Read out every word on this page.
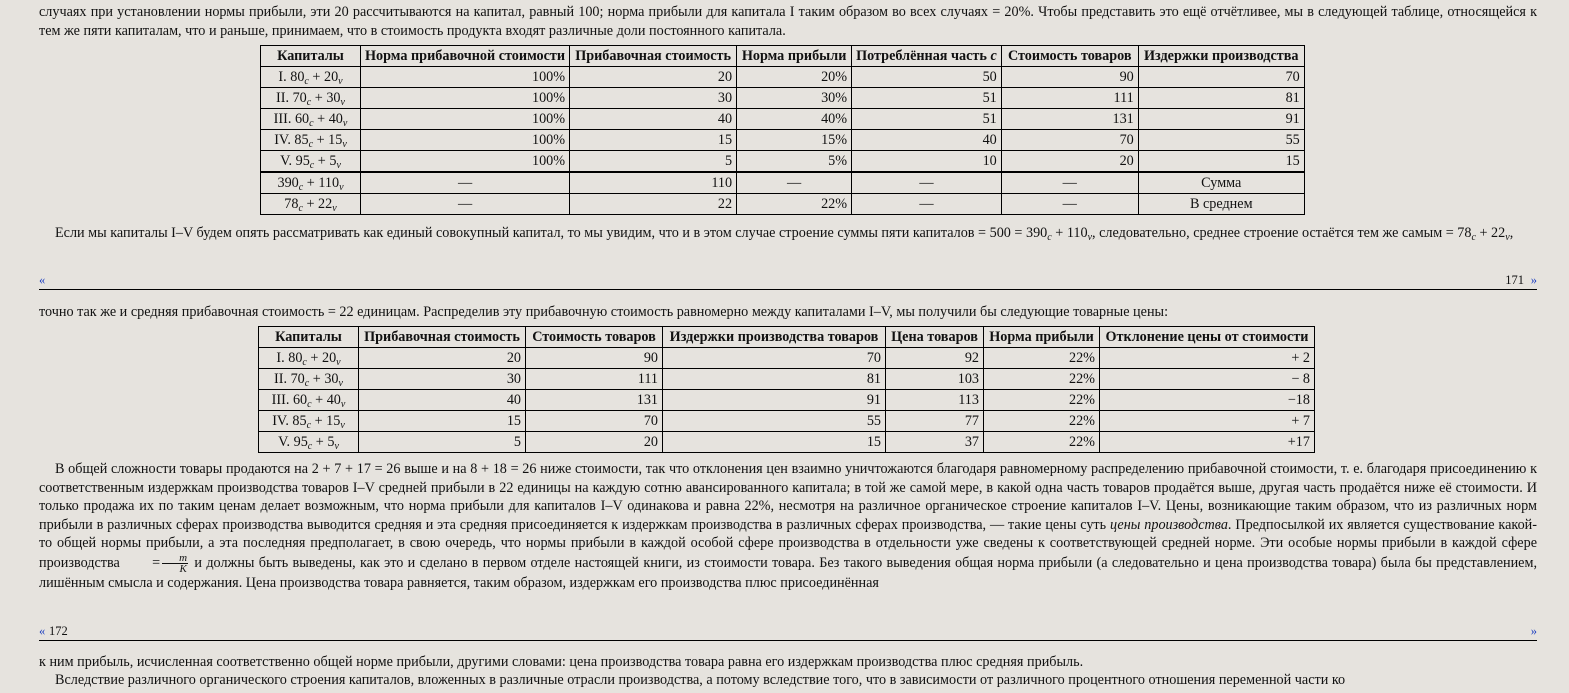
случаях при установлении нормы прибыли, эти 20 рассчитываются на капитал, равный 100; норма прибыли для капитала I таким образом во всех случаях = 20%. Чтобы представить это ещё отчётливее, мы в следующей таблице, относящейся к тем же пяти капиталам, что и раньше, принимаем, что в стоимость продукта входят различные доли постоянного капитала.

Капиталы	Норма прибавочной стоимости	Прибавочная стоимость	Норма прибыли	Потреблённая часть c	Стоимость товаров	Издержки производства
I. $80_c + 20_v$	100%	20	20%	50	90	70
II. $70_c + 30_v$	100%	30	30%	51	111	81
III. $60_c + 40_v$	100%	40	40%	51	131	91
IV. $85_c + 15_v$	100%	15	15%	40	70	55
V. $95_c + 5_v$	100%	5	5%	10	20	15
$390_c + 110_v$	—	110	—	—	—	Сумма
$78_c + 22_v$	—	22	22%	—	—	В среднем

Если мы капиталы I–V будем опять рассматривать как единый совокупный капитал, то мы увидим, что и в этом случае строение суммы пяти капиталов = $500 = 390_c + 110_v$, следовательно, среднее строение остаётся тем же самым = $78_c + 22_v$,

«	171 »

точно так же и средняя прибавочная стоимость = 22 единицам. Распределив эту прибавочную стоимость равномерно между капиталами I–V, мы получили бы следующие товарные цены:

Капиталы	Прибавочная стоимость	Стоимость товаров	Издержки производства товаров	Цена товаров	Норма прибыли	Отклонение цены от стоимости
I. $80_c + 20_v$	20	90	70	92	22%	+ 2
II. $70_c + 30_v$	30	111	81	103	22%	− 8
III. $60_c + 40_v$	40	131	91	113	22%	−18
IV. $85_c + 15_v$	15	70	55	77	22%	+ 7
V. $95_c + 5_v$	5	20	15	37	22%	+17

В общей сложности товары продаются на 2 + 7 + 17 = 26 выше и на 8 + 18 = 26 ниже стоимости, так что отклонения цен взаимно уничтожаются благодаря равномерному распределению прибавочной стоимости, т. е. благодаря присоединению к соответственным издержкам производства товаров I–V средней прибыли в 22 единицы на каждую сотню авансированного капитала; в той же самой мере, в какой одна часть товаров продаётся выше, другая часть продаётся ниже её стоимости. И только продажа их по таким ценам делает возможным, что норма прибыли для капиталов I–V одинакова и равна 22%, несмотря на различное органическое строение капиталов I–V. Цены, возникающие таким образом, что из различных норм прибыли в различных сферах производства выводится средняя и эта средняя присоединяется к издержкам производства в различных сферах производства, — такие цены суть цены производства. Предпосылкой их является существование какой-то общей нормы прибыли, а эта последняя предполагает, в свою очередь, что нормы прибыли в каждой особой сфере производства в отдельности уже сведены к соответствующей средней норме. Эти особые нормы прибыли в каждой сфере производства = $\frac{m}{K}$ и должны быть выведены, как это и сделано в первом отделе настоящей книги, из стоимости товара. Без такого выведения общая норма прибыли (а следовательно и цена производства товара) была бы представлением, лишённым смысла и содержания. Цена производства товара равняется, таким образом, издержкам его производства плюс присоединённая

« 172	»

к ним прибыль, исчисленная соответственно общей норме прибыли, другими словами: цена производства товара равна его издержкам производства плюс средняя прибыль.

Вследствие различного органического строения капиталов, вложенных в различные отрасли производства, а потому вследствие того, что в зависимости от различного процентного отношения переменной части ко
